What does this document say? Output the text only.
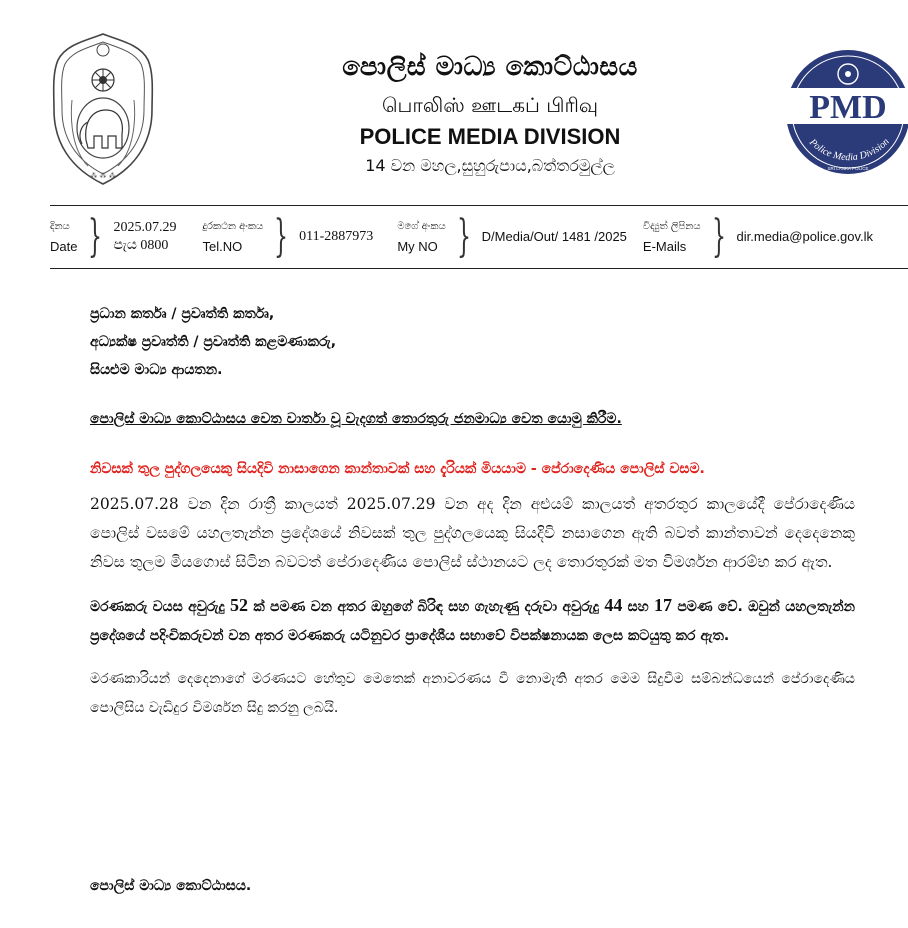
⁂ ⁂ ⁂
පොලිස් මාධ්‍ය කොට්ඨාසය
பொலிஸ் ஊடகப் பிரிவு
POLICE MEDIA DIVISION
14 වන මහල,සුහුරුපාය,බත්තරමුල්ල
PMD
Police Media Division
SRI LANKA POLICE
දිනය
Date } 2025.07.29
පැය 0800
දුරකථන අංකය
Tel.NO } 011-2887973
මගේ අංකය
My NO } D/Media/Out/ 1481 /2025
විද්‍යුත් ලිපිනය
E-Mails } dir.media@police.gov.lk
ප්‍රධාන කර්තෘ / ප්‍රවෘත්ති කර්තෘ,
අධ්‍යක්ෂ ප්‍රවෘත්ති / ප්‍රවෘත්ති කළමණාකරු,
සියළුම මාධ්‍ය ආයතන.
පොලිස් මාධ්‍ය කොට්ඨාසය වෙත වාර්තා වූ වැදගත් තොරතුරු ජනමාධ්‍ය වෙත යොමු කිරීම.
නිවසක් තුල පුද්ගලයෙකු සියදිවි නාසාගෙන කාන්තාවක් සහ දැරියක් මියයාම - පේරාදෙණිය පොලිස් වසම.
2025.07.28 වන දින රාත්‍රී කාලයත් 2025.07.29 වන අද දින අළුයම් කාලයත් අතරතුර කාලයේදී පේරාදෙණිය පොලිස් වසමේ යහලතැන්න ප්‍රදේශයේ නිවසක් තුල පුද්ගලයෙකු සියදිවි නසාගෙන ඇති බවත් කාන්තාවන් දෙදෙනෙකු නිවස තුලම මියගොස් සිටින බවටත් පේරාදෙණිය පොලිස් ස්ථානයට ලද තොරතුරක් මත විමර්ශන ආරම්භ කර ඇත.
මරණකරු වයස අවුරුදු 52 ක් පමණ වන අතර ඔහුගේ බිරිඳ සහ ගැහැණු දරුවා අවුරුදු 44 සහ 17 පමණ වේ. ඔවුන් යහලතැන්න ප්‍රදේශයේ පදිංචිකරුවන් වන අතර මරණකරු යටිනුවර ප්‍රාදේශීය සභාවේ විපක්ෂනායක ලෙස කටයුතු කර ඇත.
මරණකාරියන් දෙදෙනාගේ මරණයට හේතුව මෙතෙක් අනාවරණය වී නොමැති අතර මෙම සිදුවීම සම්බන්ධයෙන් පේරාදෙණිය පොලිසිය වැඩිදුර විමර්ශන සිදු කරනු ලබයි.
පොලිස් මාධ්‍ය කොට්ඨාසය.
